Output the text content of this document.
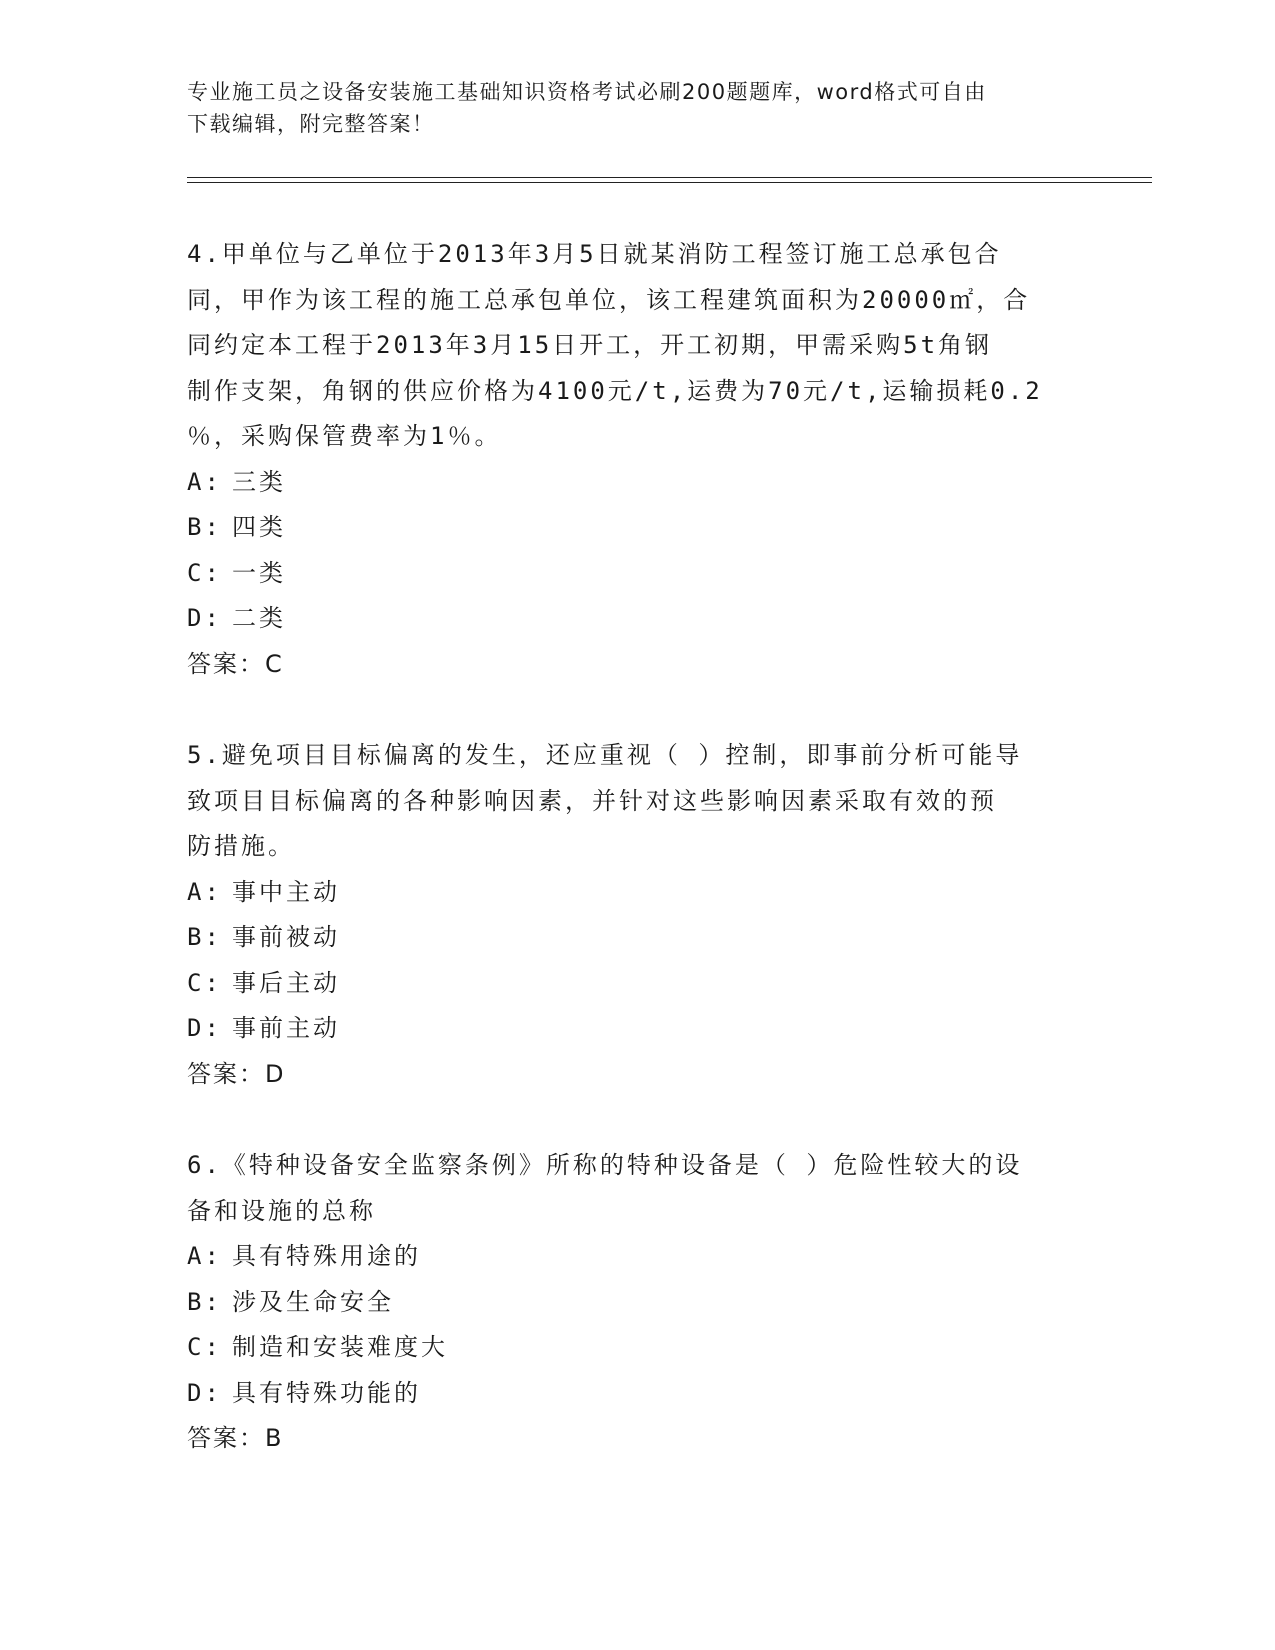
专业施工员之设备安装施工基础知识资格考试必刷200题题库，word格式可自由
下载编辑，附完整答案！
4.甲单位与乙单位于2013年3月5日就某消防工程签订施工总承包合
同，甲作为该工程的施工总承包单位，该工程建筑面积为20000㎡，合
同约定本工程于2013年3月15日开工，开工初期，甲需采购5t角钢
制作支架，角钢的供应价格为4100元/t,运费为70元/t,运输损耗0.2
％，采购保管费率为1％。
A: 三类
B: 四类
C: 一类
D: 二类
答案：C
5.避免项目目标偏离的发生，还应重视（ ）控制，即事前分析可能导
致项目目标偏离的各种影响因素，并针对这些影响因素采取有效的预
防措施。
A: 事中主动
B: 事前被动
C: 事后主动
D: 事前主动
答案：D
6.《特种设备安全监察条例》所称的特种设备是（ ）危险性较大的设
备和设施的总称
A: 具有特殊用途的
B: 涉及生命安全
C: 制造和安装难度大
D: 具有特殊功能的
答案：B
